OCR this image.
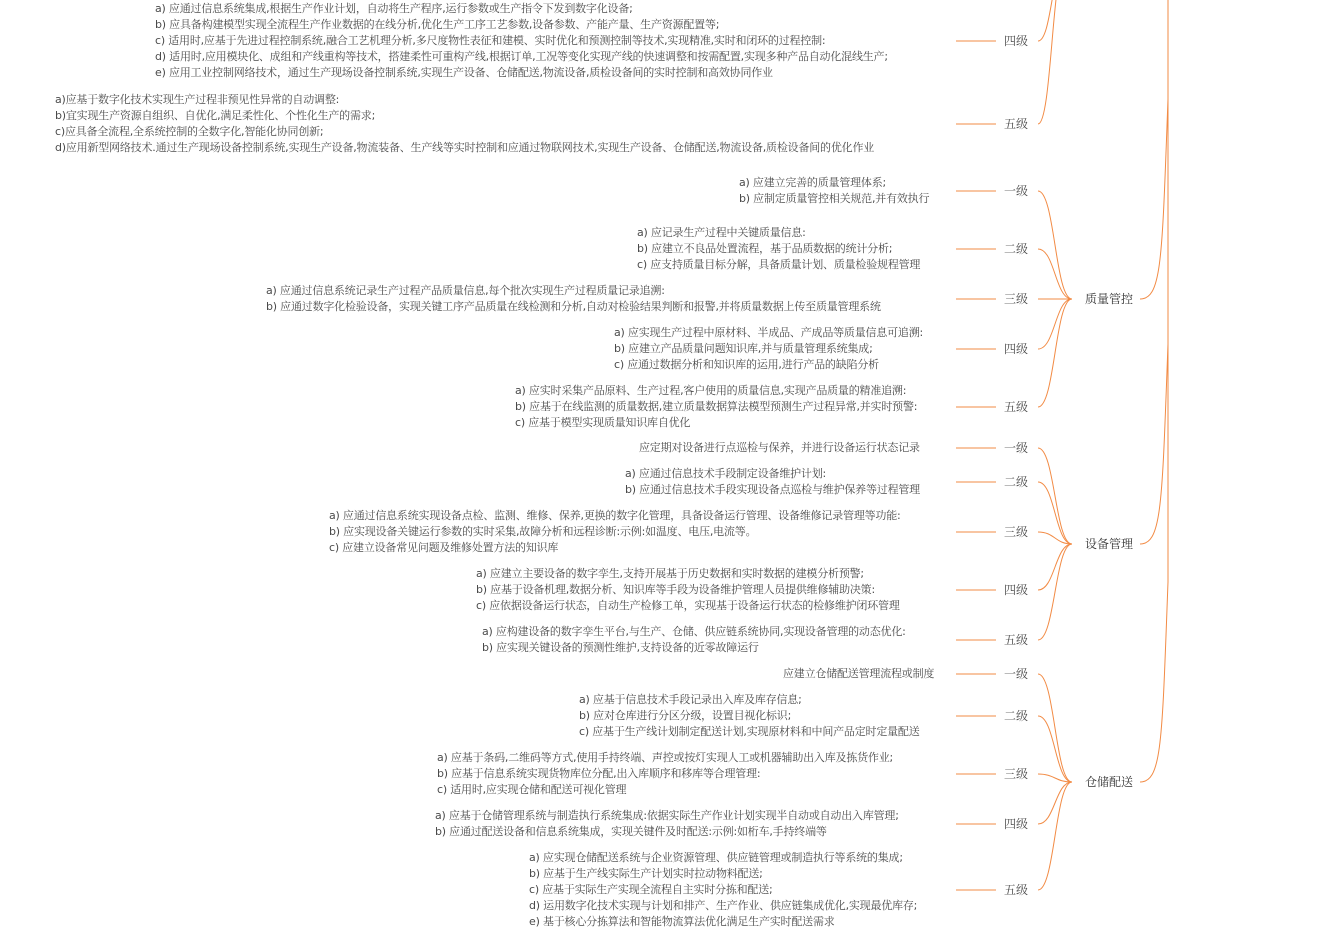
a) 应通过信息系统集成,根据生产作业计划，自动将生产程序,运行参数或生产指令下发到数字化设备;
b) 应具备构建模型实现全流程生产作业数据的在线分析,优化生产工序工艺参数,设备参数、产能产量、生产资源配置等;
c) 适用时,应基于先进过程控制系统,融合工艺机理分析,多尺度物性表征和建模、实时优化和预测控制等技术,实现精准,实时和闭环的过程控制:
d) 适用时,应用模块化、成组和产线重构等技术，搭建柔性可重构产线,根据订单,工况等变化实现产线的快速调整和按需配置,实现多种产品自动化混线生产;
e) 应用工业控制网络技术，通过生产现场设备控制系统,实现生产设备、仓储配送,物流设备,质检设备间的实时控制和高效协同作业
四级
a)应基于数字化技术实现生产过程非预见性异常的自动调整:
b)宜实现生产资源自组织、自优化,满足柔性化、个性化生产的需求;
c)应具备全流程,全系统控制的全数字化,智能化协同创新;
d)应用新型网络技术.通过生产现场设备控制系统,实现生产设备,物流装备、生产线等实时控制和应通过物联网技术,实现生产设备、仓储配送,物流设备,质检设备间的优化作业
五级
质量管控
a) 应建立完善的质量管理体系;
b) 应制定质量管控相关规范,并有效执行
一级
a) 应记录生产过程中关键质量信息:
b) 应建立不良品处置流程，基于品质数据的统计分析;
c) 应支持质量目标分解，具备质量计划、质量检验规程管理
二级
a) 应通过信息系统记录生产过程产品质量信息,每个批次实现生产过程质量记录追溯:
b) 应通过数字化检验设备，实现关键工序产品质量在线检测和分析,自动对检验结果判断和报警,并将质量数据上传至质量管理系统
三级
a) 应实现生产过程中原材料、半成品、产成品等质量信息可追溯:
b) 应建立产品质量问题知识库,并与质量管理系统集成;
c) 应通过数据分析和知识库的运用,进行产品的缺陷分析
四级
a) 应实时采集产品原料、生产过程,客户使用的质量信息,实现产品质量的精准追溯:
b) 应基于在线监测的质量数据,建立质量数据算法模型预测生产过程异常,并实时预警:
c) 应基于模型实现质量知识库自优化
五级
设备管理
应定期对设备进行点巡检与保养，并进行设备运行状态记录	一级
a) 应通过信息技术手段制定设备维护计划:
b) 应通过信息技术手段实现设备点巡检与维护保养等过程管理
二级
a) 应通过信息系统实现设备点检、监测、维修、保养,更换的数字化管理，具备设备运行管理、设备维修记录管理等功能:
b) 应实现设备关键运行参数的实时采集,故障分析和远程诊断:示例:如温度、电压,电流等。
c) 应建立设备常见问题及维修处置方法的知识库
三级
a) 应建立主要设备的数字孪生,支持开展基于历史数据和实时数据的建模分析预警;
b) 应基于设备机理,数据分析、知识库等手段为设备维护管理人员提供维修辅助决策:
c) 应依据设备运行状态，自动生产检修工单，实现基于设备运行状态的检修维护闭环管理
四级
a) 应构建设备的数字孪生平台,与生产、仓储、供应链系统协同,实现设备管理的动态优化:
b) 应实现关键设备的预测性维护,支持设备的近零故障运行
五级
仓储配送
应建立仓储配送管理流程或制度	一级
a) 应基于信息技术手段记录出入库及库存信息;
b) 应对仓库进行分区分级，设置目视化标识;
c) 应基于生产线计划制定配送计划,实现原材料和中间产品定时定量配送
二级
a) 应基于条码,二维码等方式,使用手持终端、声控或按灯实现人工或机器辅助出入库及拣货作业;
b) 应基于信息系统实现货物库位分配,出入库顺序和移库等合理管理:
c) 适用时,应实现仓储和配送可视化管理
三级
a) 应基于仓储管理系统与制造执行系统集成:依据实际生产作业计划实现半自动或自动出入库管理;
b) 应通过配送设备和信息系统集成，实现关键件及时配送:示例:如桁车,手持终端等
四级
a) 应实现仓储配送系统与企业资源管理、供应链管理或制造执行等系统的集成;
b) 应基于生产线实际生产计划实时拉动物料配送;
c) 应基于实际生产实现全流程自主实时分拣和配送;
d) 运用数字化技术实现与计划和排产、生产作业、供应链集成优化,实现最优库存;
e) 基于核心分拣算法和智能物流算法优化满足生产实时配送需求
五级
